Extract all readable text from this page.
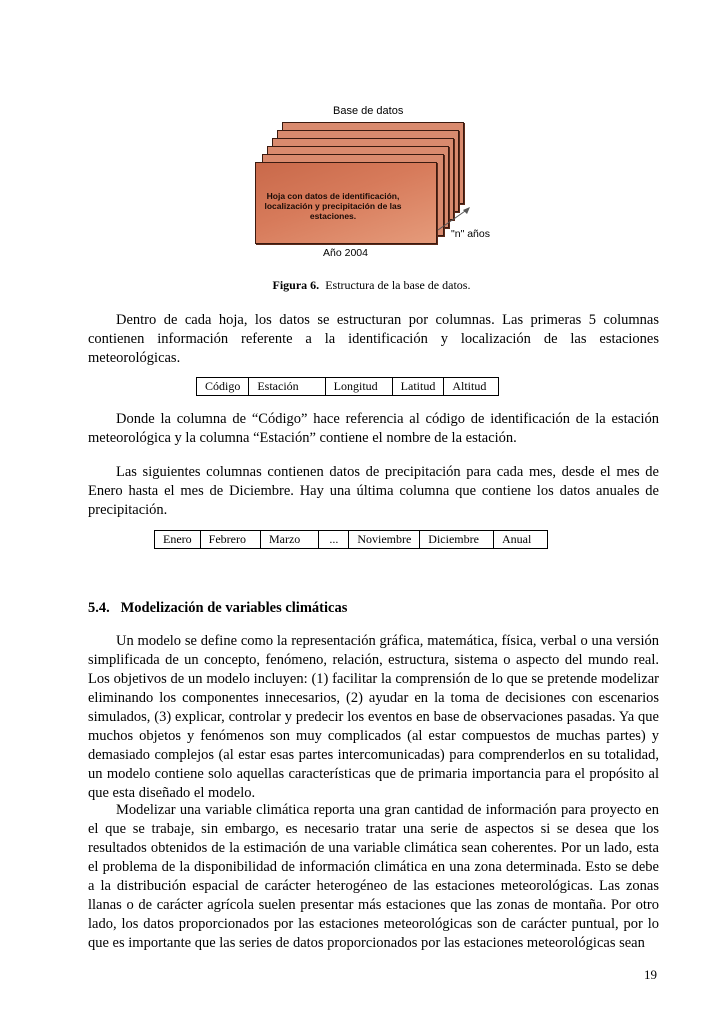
Base de datos
Hoja con datos de identificación, localización y precipitación de las estaciones.
"n" años
Año 2004
Figura 6. Estructura de la base de datos.
Dentro de cada hoja, los datos se estructuran por columnas. Las primeras 5 columnas contienen información referente a la identificación y localización de las estaciones meteorológicas.
Código	Estación	Longitud	Latitud	Altitud
Donde la columna de “Código” hace referencia al código de identificación de la estación meteorológica y la columna “Estación” contiene el nombre de la estación.
Las siguientes columnas contienen datos de precipitación para cada mes, desde el mes de Enero hasta el mes de Diciembre. Hay una última columna que contiene los datos anuales de precipitación.
Enero	Febrero	Marzo	...	Noviembre	Diciembre	Anual
5.4.   Modelización de variables climáticas
Un modelo se define como la representación gráfica, matemática, física, verbal o una versión simplificada de un concepto, fenómeno, relación, estructura, sistema o aspecto del mundo real. Los objetivos de un modelo incluyen: (1) facilitar la comprensión de lo que se pretende modelizar eliminando los componentes innecesarios, (2) ayudar en la toma de decisiones con escenarios simulados, (3) explicar, controlar y predecir los eventos en base de observaciones pasadas. Ya que muchos objetos y fenómenos son muy complicados (al estar compuestos de muchas partes) y demasiado complejos (al estar esas partes intercomunicadas) para comprenderlos en su totalidad, un modelo contiene solo aquellas características que de primaria importancia para el propósito al que esta diseñado el modelo.
Modelizar una variable climática reporta una gran cantidad de información para proyecto en el que se trabaje, sin embargo, es necesario tratar una serie de aspectos si se desea que los resultados obtenidos de la estimación de una variable climática sean coherentes. Por un lado, esta el problema de la disponibilidad de información climática en una zona determinada. Esto se debe a la distribución espacial de carácter heterogéneo de las estaciones meteorológicas. Las zonas llanas o de carácter agrícola suelen presentar más estaciones que las zonas de montaña. Por otro lado, los datos proporcionados por las estaciones meteorológicas son de carácter puntual, por lo que es importante que las series de datos proporcionados por las estaciones meteorológicas sean
19
